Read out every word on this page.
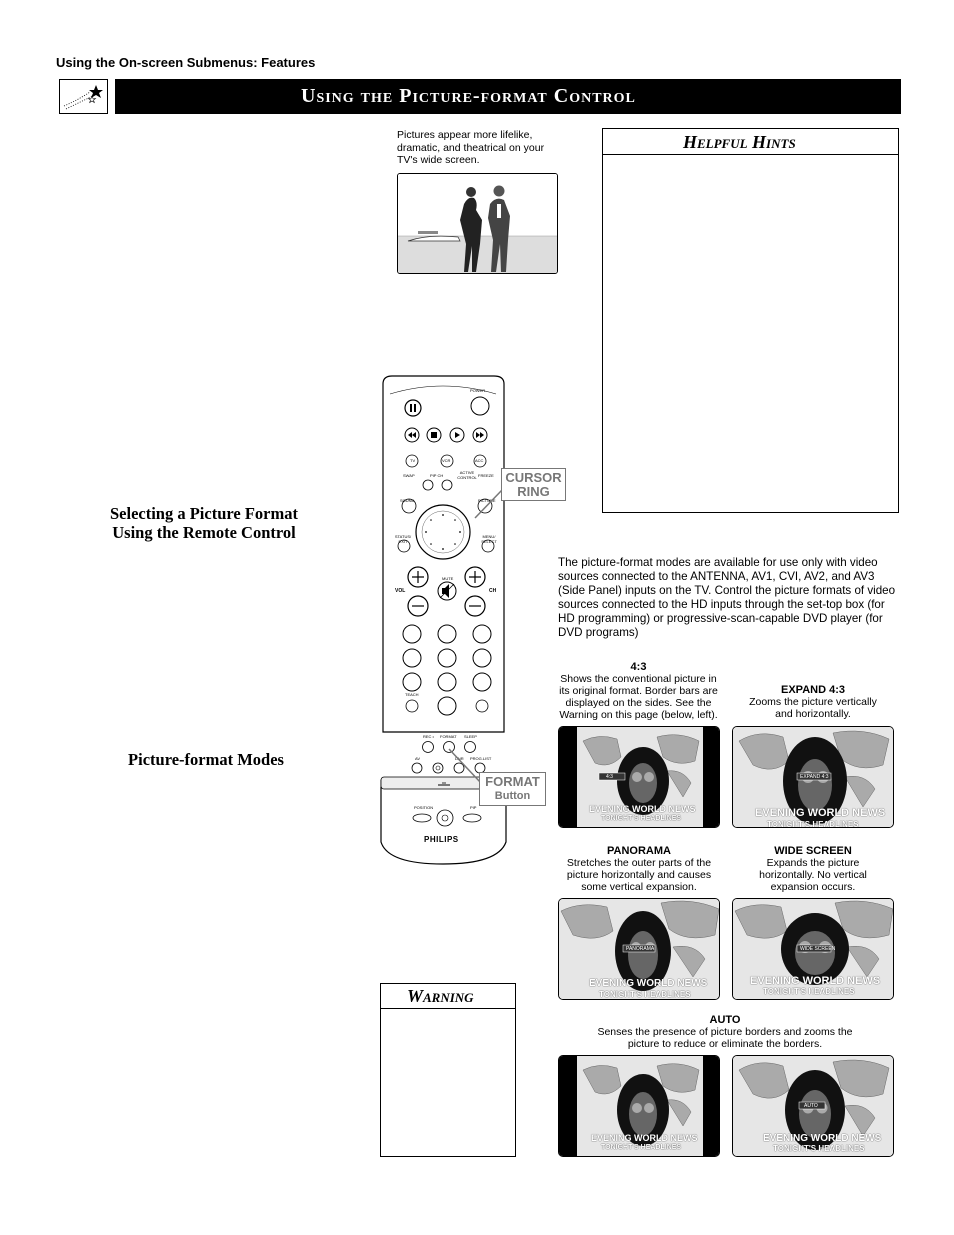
Using the On-screen Submenus: Features
Using the Picture-format Control
Selecting a Picture Format
Using the Remote Control
Picture-format Modes
Pictures appear more lifelike, dramatic, and theatrical on your TV's wide screen.
Helpful Hints
POWER
TV	VCR	ACC
SWAP	PIP CH
ACTIVE CONTROL FREEZE
SOUND	PICTURE
STATUS/ EXIT
MENU/ SELECT
VOL	CH
MUTE
TEACH
REC • FORMAT SLEEP
AV	DNR PROG.LIST
POSITION	PIP
PHILIPS
CURSOR
RING
FORMAT
Button
Warning
The picture-format modes are available for use only with video sources connected to the ANTENNA, AV1, CVI, AV2, and AV3 (Side Panel) inputs on the TV. Control the picture formats of video sources connected to the HD inputs through the set-top box (for HD programming) or progressive-scan-capable DVD player (for DVD programs)
4:3
Shows the conventional picture in its original format. Border bars are displayed on the sides. See the Warning on this page (below, left).
EXPAND 4:3
Zooms the picture vertically and horizontally.
PANORAMA
Stretches the outer parts of the picture horizontally and causes some vertical expansion.
WIDE SCREEN
Expands the picture horizontally. No vertical expansion occurs.
AUTO
Senses the presence of picture borders and zooms the picture to reduce or eliminate the borders.
4:3
EVENING WORLD NEWS
TONIGHT'S HEADLINES
EXPAND 4:3
EVENING WORLD NEWS
TONIGHT'S HEADLINES
PANORAMA
EVENING WORLD NEWS
TONIGHT'S HEADLINES
WIDE SCREEN
EVENING WORLD NEWS
TONIGHT'S HEADLINES
EVENING WORLD NEWS
TONIGHT'S HEADLINES
AUTO
EVENING WORLD NEWS
TONIGHT'S HEADLINES
